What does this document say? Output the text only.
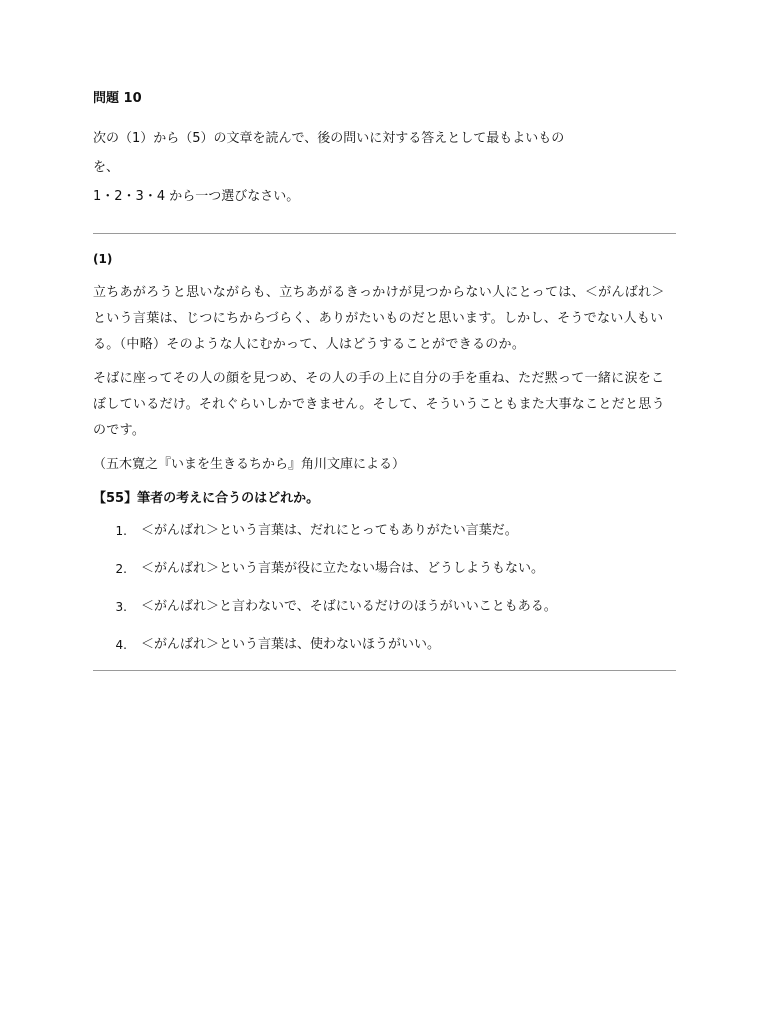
問題 10

次の（1）から（5）の文章を読んで、後の問いに対する答えとして最もよいもの

を、

1・2・3・4 から一つ選びなさい。

(1)

立ちあがろうと思いながらも、立ちあがるきっかけが見つからない人にとっては、＜がんばれ＞という言葉は、じつにちからづらく、ありがたいものだと思います。しかし、そうでない人もいる。（中略）そのような人にむかって、人はどうすることができるのか。

そばに座ってその人の顔を見つめ、その人の手の上に自分の手を重ね、ただ黙って一緒に涙をこぼしているだけ。それぐらいしかできません。そして、そういうこともまた大事なことだと思うのです。

（五木寛之『いまを生きるちから』角川文庫による）

【55】筆者の考えに合うのはどれか。

1.	＜がんばれ＞という言葉は、だれにとってもありがたい言葉だ。
2.	＜がんばれ＞という言葉が役に立たない場合は、どうしようもない。
3.	＜がんばれ＞と言わないで、そばにいるだけのほうがいいこともある。
4.	＜がんばれ＞という言葉は、使わないほうがいい。
